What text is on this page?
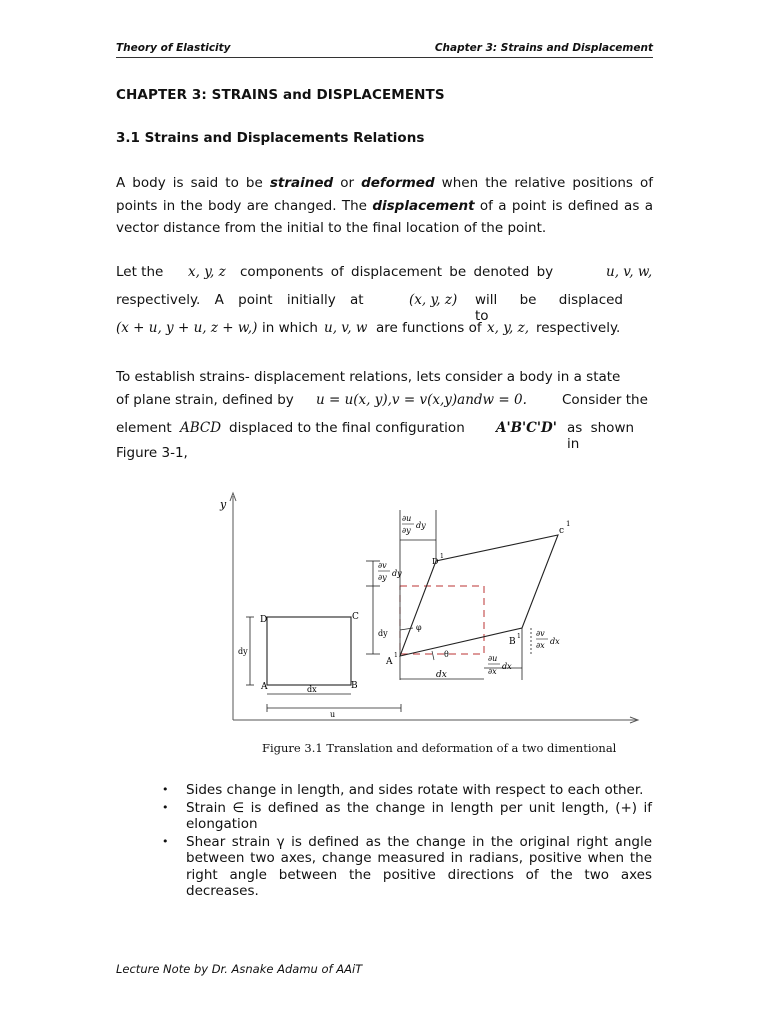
Theory of Elasticity	Chapter 3: Strains and Displacement
CHAPTER 3: STRAINS and DISPLACEMENTS
3.1 Strains and Displacements Relations
A body is said to be strained or deformed when the relative positions of points in the body are changed. The displacement of a point is defined as a vector distance from the initial to the final location of the point.
Let the x, y, z components of displacement be denoted by	u, v, w,
respectively. A point initially at	(x, y, z) will be displaced to
(x + u, y + u, z + w,) in which u, v, w are functions of x, y, z, respectively.
To establish strains- displacement relations, lets consider a body in a state
of plane strain, defined by u = u(x, y),v = v(x,y)andw = 0.	Consider the
element ABCD displaced to the final configuration A'B'C'D' as shown in
Figure 3-1,
y
D	C
A	B
dy
dx
u
A
1
B
1
c
1
D
1
∂u
∂y
dy
∂v
∂y dy
dy
φ
θ
∂v
∂x dx
∂u
∂x
dx
dx
Figure 3.1 Translation and deformation of a two dimentional
• Sides change in length, and sides rotate with respect to each other.
• Strain ∈ is defined as the change in length per unit length, (+) if elongation
• Shear strain γ is defined as the change in the original right angle between two axes, change measured in radians, positive when the right angle between the positive directions of the two axes decreases.
Lecture Note by Dr. Asnake Adamu of AAiT
